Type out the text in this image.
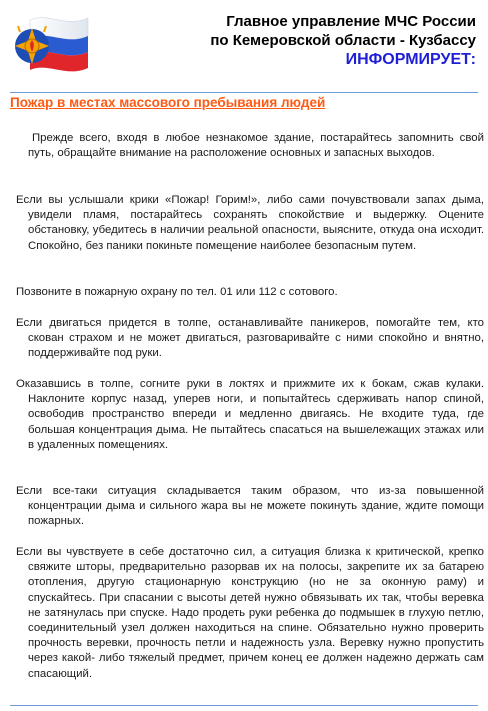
Главное управление МЧС России
по Кемеровской области - Кузбассу
ИНФОРМИРУЕТ:
Пожар в местах массового пребывания людей

Прежде всего, входя в любое незнакомое здание, постарайтесь запомнить свой путь, обращайте внимание на расположение основных и запасных выходов.

Если вы услышали крики «Пожар! Горим!», либо сами почувствовали запах дыма, увидели пламя, постарайтесь сохранять спокойствие и выдержку. Оцените обстановку, убедитесь в наличии реальной опасности, выясните, откуда она исходит. Спокойно, без паники покиньте помещение наиболее безопасным путем.

Позвоните в пожарную охрану по тел. 01 или 112 с сотового.

Если двигаться придется в толпе, останавливайте паникеров, помогайте тем, кто скован страхом и не может двигаться, разговаривайте с ними спокойно и внятно, поддерживайте под руки.

Оказавшись в толпе, согните руки в локтях и прижмите их к бокам, сжав кулаки. Наклоните корпус назад, уперев ноги, и попытайтесь сдерживать напор спиной, освободив пространство впереди и медленно двигаясь. Не входите туда, где большая концентрация дыма. Не пытайтесь спасаться на вышележащих этажах или в удаленных помещениях.

Если все-таки ситуация складывается таким образом, что из-за повышенной концентрации дыма и сильного жара вы не можете покинуть здание, ждите помощи пожарных.

Если вы чувствуете в себе достаточно сил, а ситуация близка к критической, крепко свяжите шторы, предварительно разорвав их на полосы, закрепите их за батарею отопления, другую стационарную конструкцию (но не за оконную раму) и спускайтесь. При спасании с высоты детей нужно обвязывать их так, чтобы веревка не затянулась при спуске. Надо продеть руки ребенка до подмышек в глухую петлю, соединительный узел должен находиться на спине. Обязательно нужно проверить прочность веревки, прочность петли и надежность узла. Веревку нужно пропустить через какой- либо тяжелый предмет, причем конец ее должен надежно держать сам спасающий.
